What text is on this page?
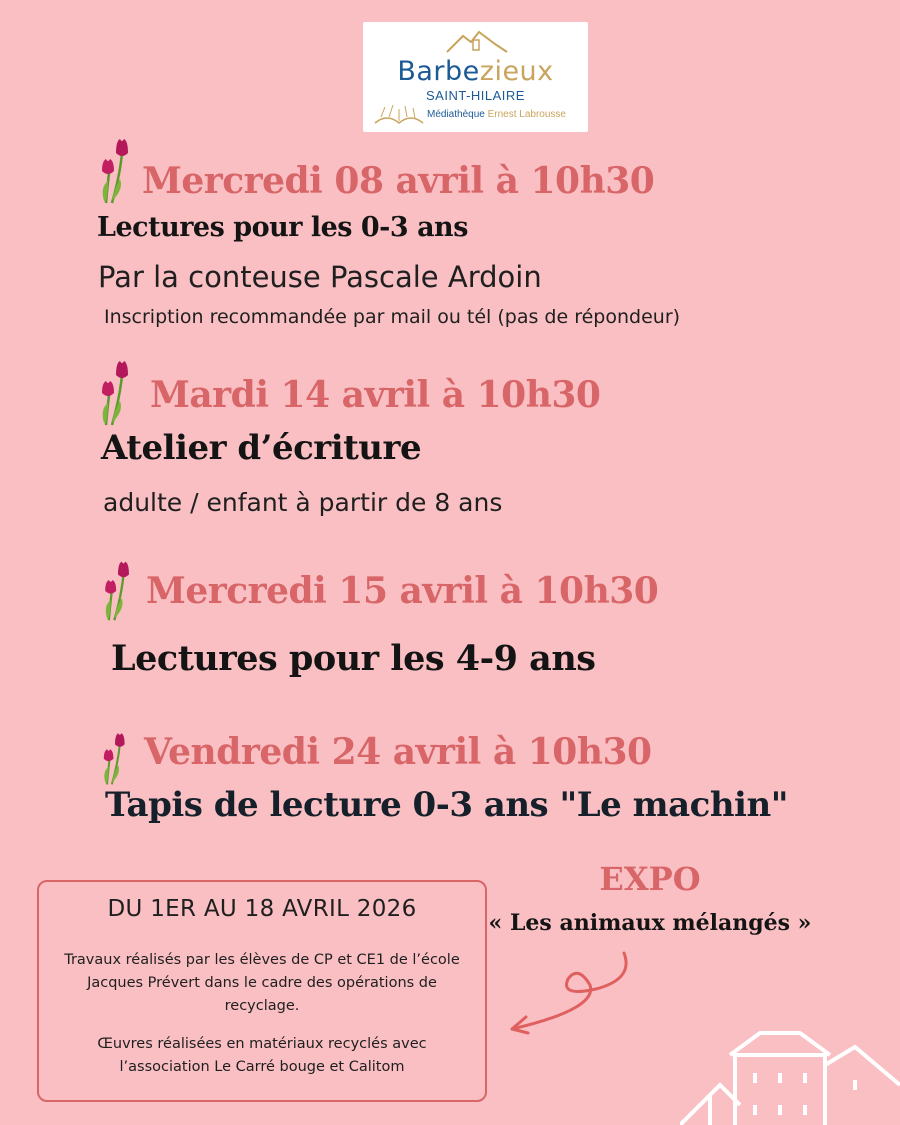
Barbezieux
SAINT-HILAIRE
Médiathèque Ernest Labrousse
Mercredi 08 avril à 10h30
Lectures pour les 0-3 ans

Par la conteuse Pascale Ardoin

Inscription recommandée par mail ou tél (pas de répondeur)

Mardi 14 avril à 10h30
Atelier d’écriture

adulte / enfant à partir de 8 ans

Mercredi 15 avril à 10h30
Lectures pour les 4-9 ans
Vendredi 24 avril à 10h30
Tapis de lecture 0-3 ans "Le machin"
DU 1ER AU 18 AVRIL 2026
Travaux réalisés par les élèves de CP et CE1 de l’école Jacques Prévert dans le cadre des opérations de recyclage.
Œuvres réalisées en matériaux recyclés avec l’association Le Carré bouge et Calitom
EXPO
« Les animaux mélangés »
